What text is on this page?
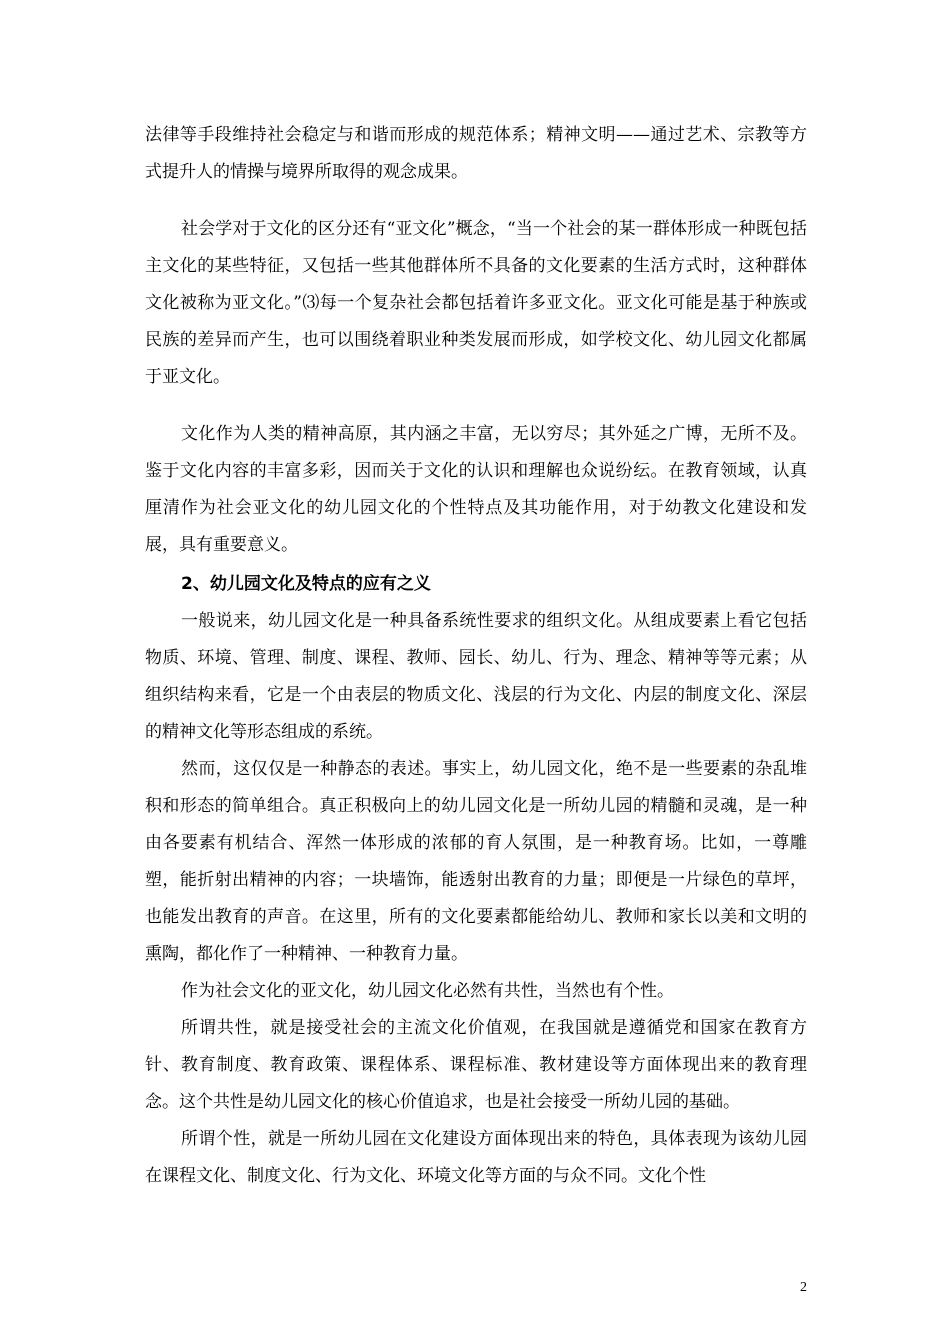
法律等手段维持社会稳定与和谐而形成的规范体系；精神文明——通过艺术、宗教等方式提升人的情操与境界所取得的观念成果。

社会学对于文化的区分还有“亚文化”概念，“当一个社会的某一群体形成一种既包括主文化的某些特征，又包括一些其他群体所不具备的文化要素的生活方式时，这种群体文化被称为亚文化。”⑶每一个复杂社会都包括着许多亚文化。亚文化可能是基于种族或民族的差异而产生，也可以围绕着职业种类发展而形成，如学校文化、幼儿园文化都属于亚文化。

文化作为人类的精神高原，其内涵之丰富，无以穷尽；其外延之广博，无所不及。鉴于文化内容的丰富多彩，因而关于文化的认识和理解也众说纷纭。在教育领域，认真厘清作为社会亚文化的幼儿园文化的个性特点及其功能作用，对于幼教文化建设和发展，具有重要意义。

2、幼儿园文化及特点的应有之义

一般说来，幼儿园文化是一种具备系统性要求的组织文化。从组成要素上看它包括物质、环境、管理、制度、课程、教师、园长、幼儿、行为、理念、精神等等元素；从组织结构来看，它是一个由表层的物质文化、浅层的行为文化、内层的制度文化、深层的精神文化等形态组成的系统。

然而，这仅仅是一种静态的表述。事实上，幼儿园文化，绝不是一些要素的杂乱堆积和形态的简单组合。真正积极向上的幼儿园文化是一所幼儿园的精髓和灵魂，是一种由各要素有机结合、浑然一体形成的浓郁的育人氛围，是一种教育场。比如，一尊雕塑，能折射出精神的内容；一块墙饰，能透射出教育的力量；即便是一片绿色的草坪，也能发出教育的声音。在这里，所有的文化要素都能给幼儿、教师和家长以美和文明的熏陶，都化作了一种精神、一种教育力量。

作为社会文化的亚文化，幼儿园文化必然有共性，当然也有个性。

所谓共性，就是接受社会的主流文化价值观，在我国就是遵循党和国家在教育方针、教育制度、教育政策、课程体系、课程标准、教材建设等方面体现出来的教育理念。这个共性是幼儿园文化的核心价值追求，也是社会接受一所幼儿园的基础。

所谓个性，就是一所幼儿园在文化建设方面体现出来的特色，具体表现为该幼儿园在课程文化、制度文化、行为文化、环境文化等方面的与众不同。文化个性

2
